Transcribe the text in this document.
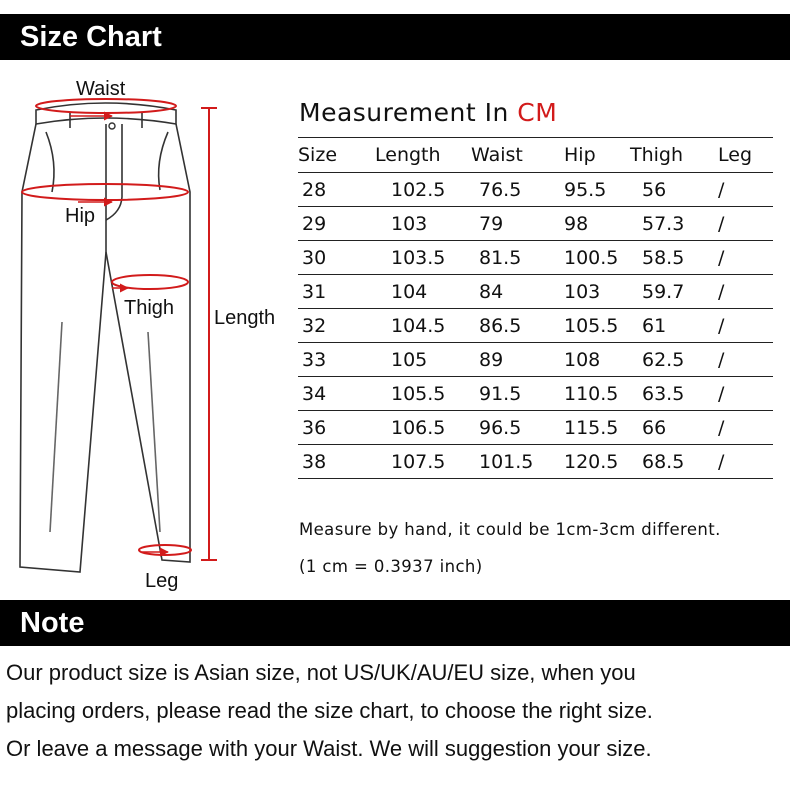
Size Chart
Waist
Hip
Thigh Length
Leg
Measurement In CM
Size	Length	Waist	Hip	Thigh	Leg
28	102.5	76.5	95.5	56	/
29	103	79	98	57.3	/
30	103.5	81.5	100.5	58.5	/
31	104	84	103	59.7	/
32	104.5	86.5	105.5	61	/
33	105	89	108	62.5	/
34	105.5	91.5	110.5	63.5	/
36	106.5	96.5	115.5	66	/
38	107.5	101.5	120.5	68.5	/
Measure by hand, it could be 1cm-3cm different.
(1 cm = 0.3937 inch)
Note
Our product size is Asian size, not US/UK/AU/EU size, when you
placing orders, please read the size chart, to choose the right size.
Or leave a message with your Waist. We will suggestion your size.
